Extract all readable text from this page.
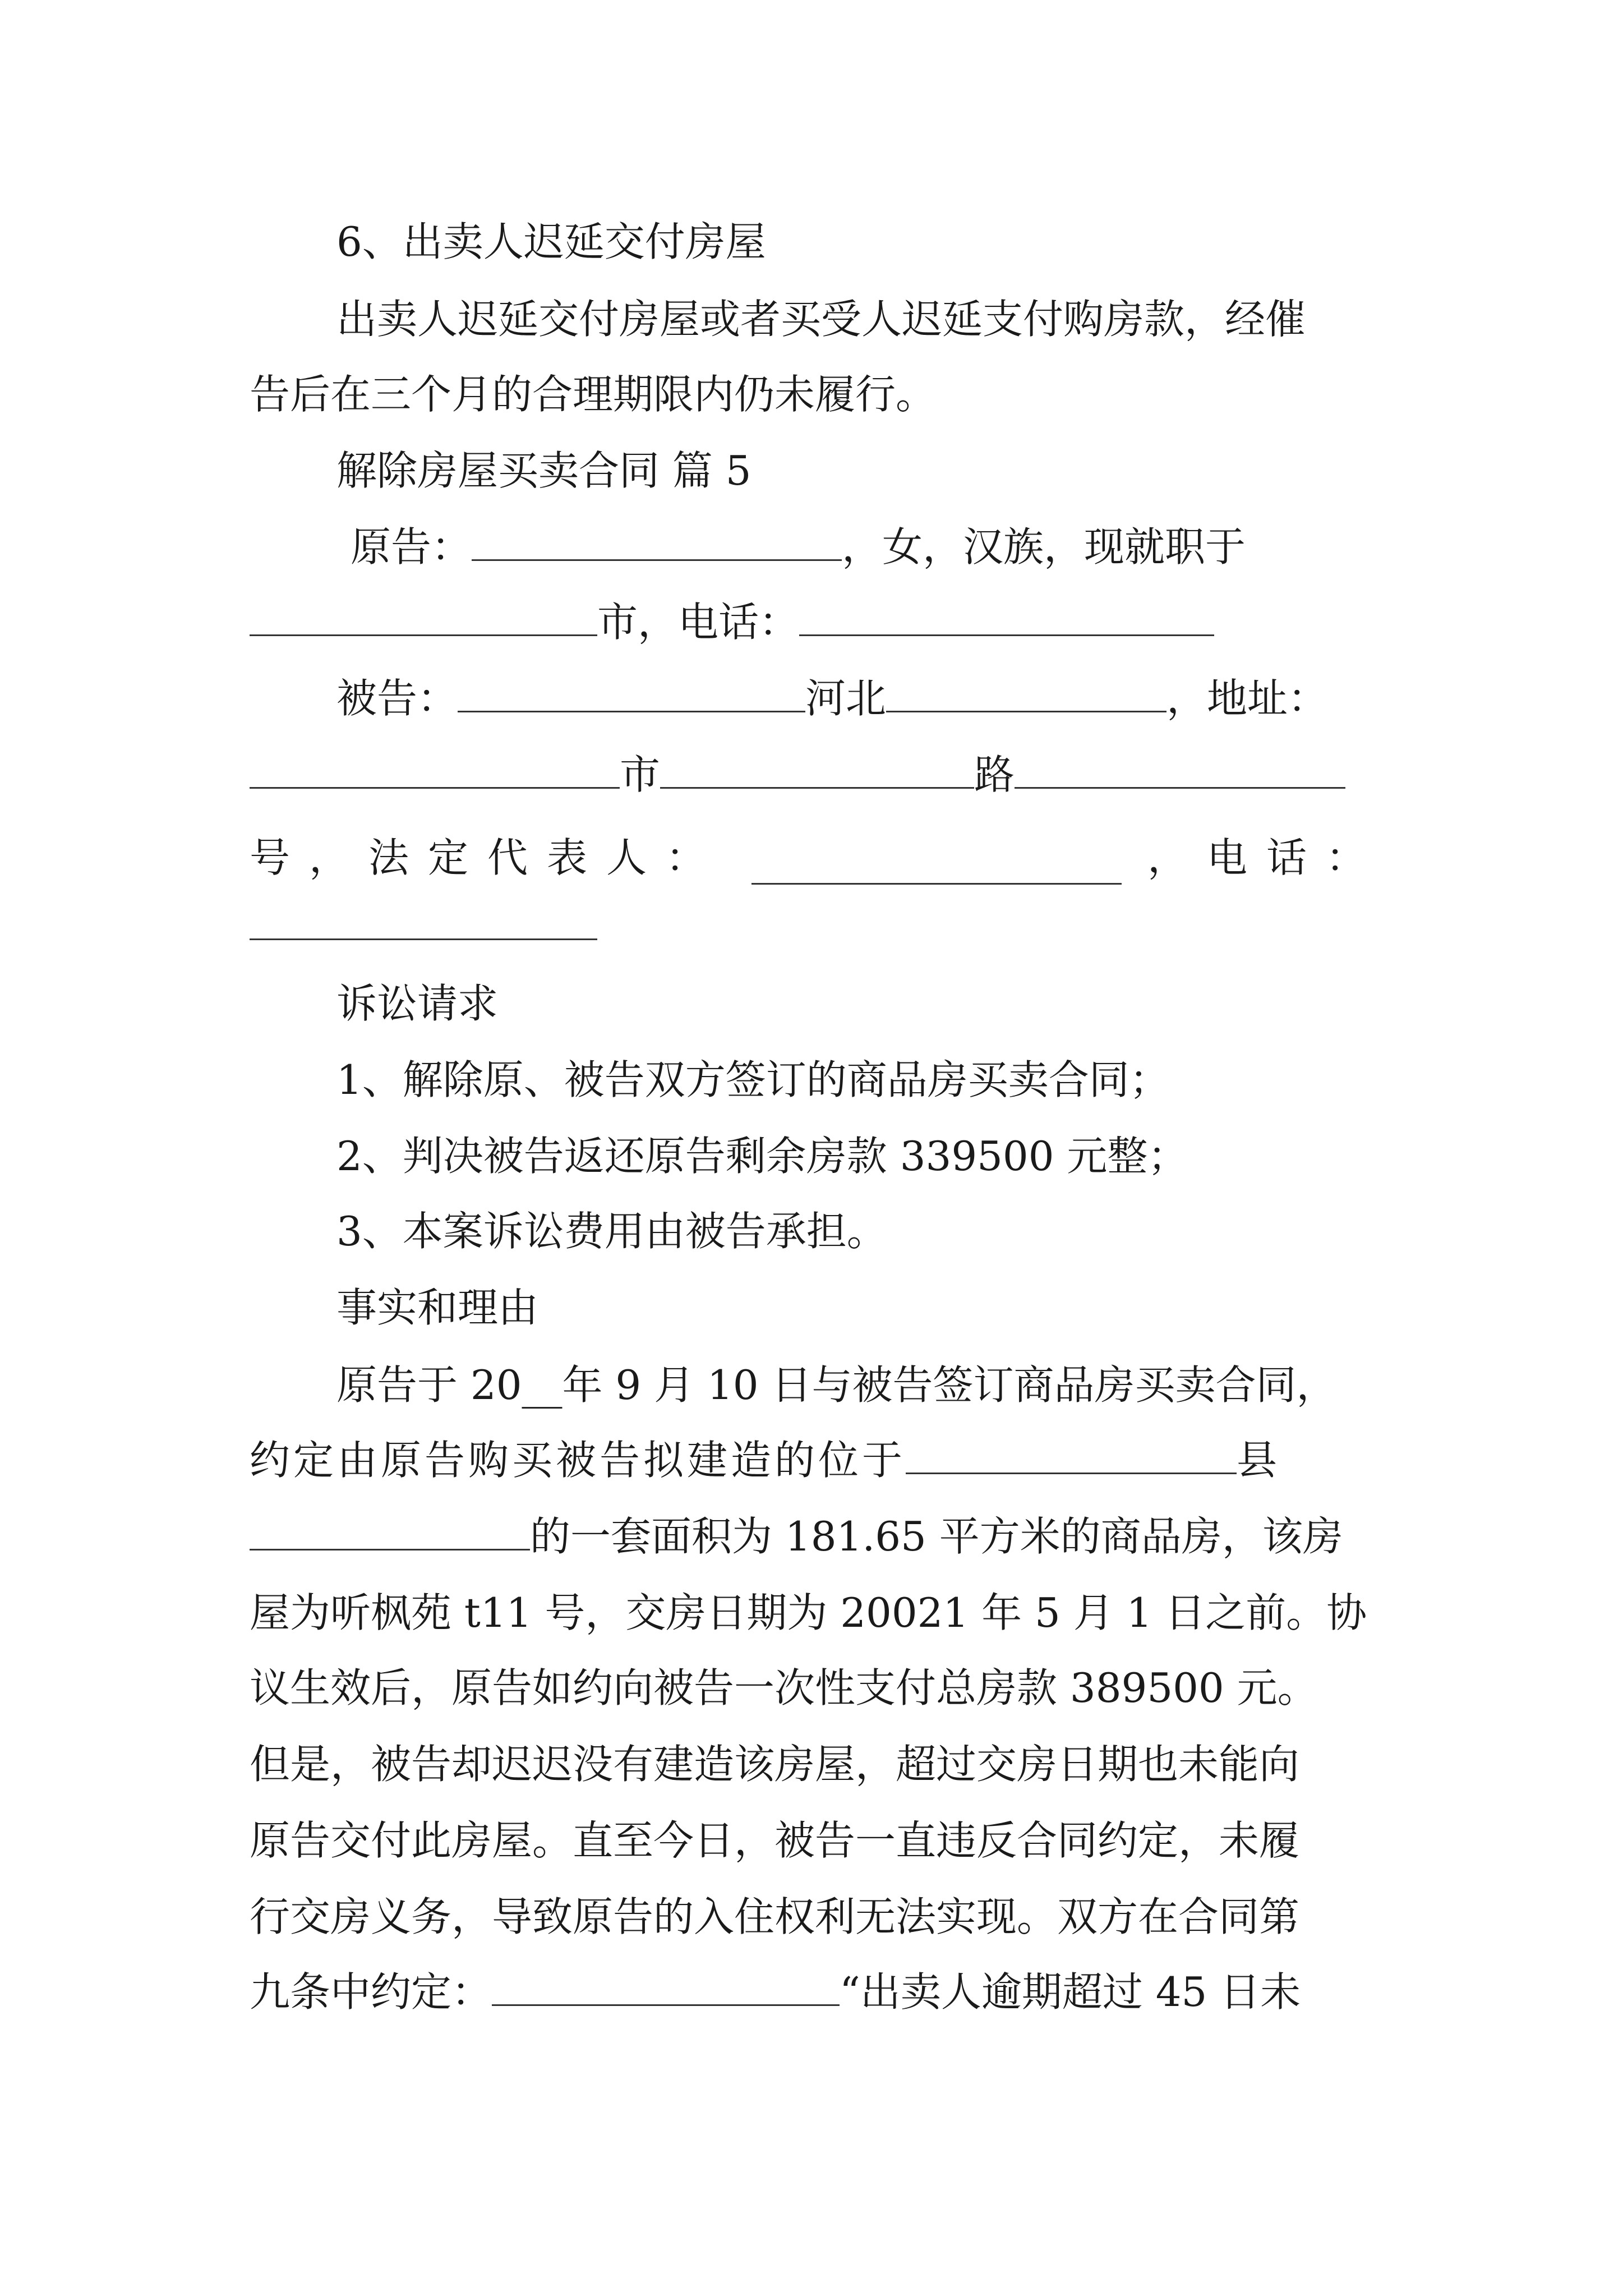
6、出卖人迟延交付房屋
出卖人迟延交付房屋或者买受人迟延支付购房款，经催
告后在三个月的合理期限内仍未履行。
解除房屋买卖合同 篇 5
原告：	，女，汉族，现就职于
市，电话：
被告：	河北	，地址：
市	路
号，法定代表人：	，电话：
诉讼请求
1、解除原、被告双方签订的商品房买卖合同；
2、判决被告返还原告剩余房款 339500 元整；
3、本案诉讼费用由被告承担。
事实和理由
原告于 20__年 9 月 10 日与被告签订商品房买卖合同，
约定由原告购买被告拟建造的位于	县
的一套面积为 181.65 平方米的商品房，该房
屋为听枫苑 t11 号，交房日期为 20021 年 5 月 1 日之前。协
议生效后，原告如约向被告一次性支付总房款 389500 元。
但是，被告却迟迟没有建造该房屋，超过交房日期也未能向
原告交付此房屋。直至今日，被告一直违反合同约定，未履
行交房义务，导致原告的入住权利无法实现。双方在合同第
九条中约定：	“出卖人逾期超过 45 日未
